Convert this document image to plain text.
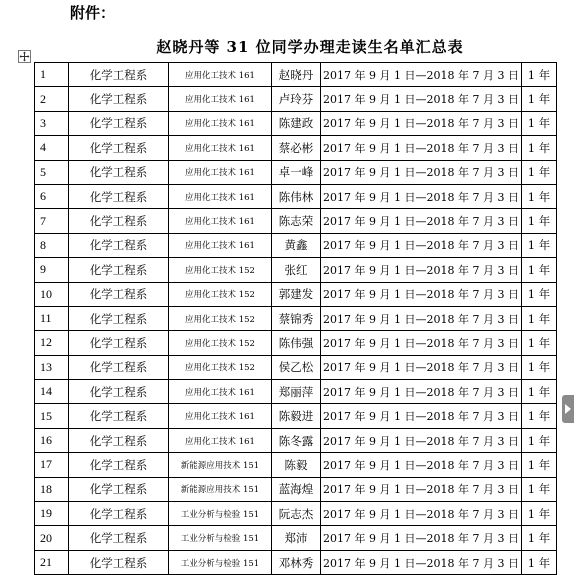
附件：
赵晓丹等 31 位同学办理走读生名单汇总表
1	化学工程系	应用化工技术 161	赵晓丹	2017 年 9 月 1 日—2018 年 7 月 3 日	1 年
2	化学工程系	应用化工技术 161	卢玲芬	2017 年 9 月 1 日—2018 年 7 月 3 日	1 年
3	化学工程系	应用化工技术 161	陈建政	2017 年 9 月 1 日—2018 年 7 月 3 日	1 年
4	化学工程系	应用化工技术 161	蔡必彬	2017 年 9 月 1 日—2018 年 7 月 3 日	1 年
5	化学工程系	应用化工技术 161	卓一峰	2017 年 9 月 1 日—2018 年 7 月 3 日	1 年
6	化学工程系	应用化工技术 161	陈伟林	2017 年 9 月 1 日—2018 年 7 月 3 日	1 年
7	化学工程系	应用化工技术 161	陈志荣	2017 年 9 月 1 日—2018 年 7 月 3 日	1 年
8	化学工程系	应用化工技术 161	黄鑫	2017 年 9 月 1 日—2018 年 7 月 3 日	1 年
9	化学工程系	应用化工技术 152	张红	2017 年 9 月 1 日—2018 年 7 月 3 日	1 年
10	化学工程系	应用化工技术 152	郭建发	2017 年 9 月 1 日—2018 年 7 月 3 日	1 年
11	化学工程系	应用化工技术 152	蔡锦秀	2017 年 9 月 1 日—2018 年 7 月 3 日	1 年
12	化学工程系	应用化工技术 152	陈伟强	2017 年 9 月 1 日—2018 年 7 月 3 日	1 年
13	化学工程系	应用化工技术 152	侯乙松	2017 年 9 月 1 日—2018 年 7 月 3 日	1 年
14	化学工程系	应用化工技术 161	郑丽萍	2017 年 9 月 1 日—2018 年 7 月 3 日	1 年
15	化学工程系	应用化工技术 161	陈毅进	2017 年 9 月 1 日—2018 年 7 月 3 日	1 年
16	化学工程系	应用化工技术 161	陈冬露	2017 年 9 月 1 日—2018 年 7 月 3 日	1 年
17	化学工程系	新能源应用技术 151	陈毅	2017 年 9 月 1 日—2018 年 7 月 3 日	1 年
18	化学工程系	新能源应用技术 151	蓝海煌	2017 年 9 月 1 日—2018 年 7 月 3 日	1 年
19	化学工程系	工业分析与检验 151	阮志杰	2017 年 9 月 1 日—2018 年 7 月 3 日	1 年
20	化学工程系	工业分析与检验 151	郑沛	2017 年 9 月 1 日—2018 年 7 月 3 日	1 年
21	化学工程系	工业分析与检验 151	邓林秀	2017 年 9 月 1 日—2018 年 7 月 3 日	1 年
